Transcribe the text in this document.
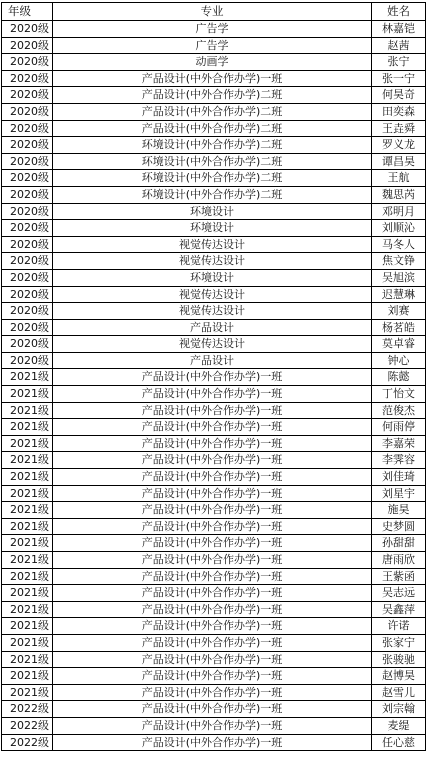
年级	专业	姓名
2020级	广告学	林嘉铠
2020级	广告学	赵茜
2020级	动画学	张宁
2020级	产品设计(中外合作办学)一班	张一宁
2020级	产品设计(中外合作办学)二班	何昊奇
2020级	产品设计(中外合作办学)二班	田奕森
2020级	产品设计(中外合作办学)二班	王垚舜
2020级	环境设计(中外合作办学)二班	罗义龙
2020级	环境设计(中外合作办学)二班	谭昌昊
2020级	环境设计(中外合作办学)二班	王航
2020级	环境设计(中外合作办学)二班	魏思芮
2020级	环境设计	邓明月
2020级	环境设计	刘顺沁
2020级	视觉传达设计	马冬人
2020级	视觉传达设计	焦文铮
2020级	环境设计	吴旭滨
2020级	视觉传达设计	迟慧琳
2020级	视觉传达设计	刘赛
2020级	产品设计	杨茗皓
2020级	视觉传达设计	莫卓睿
2020级	产品设计	钟心
2021级	产品设计(中外合作办学)一班	陈懿
2021级	产品设计(中外合作办学)一班	丁怡文
2021级	产品设计(中外合作办学)一班	范俊杰
2021级	产品设计(中外合作办学)一班	何雨停
2021级	产品设计(中外合作办学)一班	李嘉荣
2021级	产品设计(中外合作办学)一班	李霁容
2021级	产品设计(中外合作办学)一班	刘佳琦
2021级	产品设计(中外合作办学)一班	刘星宇
2021级	产品设计(中外合作办学)一班	施昊
2021级	产品设计(中外合作办学)一班	史梦圆
2021级	产品设计(中外合作办学)一班	孙甜甜
2021级	产品设计(中外合作办学)一班	唐雨欣
2021级	产品设计(中外合作办学)一班	王紫函
2021级	产品设计(中外合作办学)一班	吴志远
2021级	产品设计(中外合作办学)一班	吴鑫萍
2021级	产品设计(中外合作办学)一班	许诺
2021级	产品设计(中外合作办学)一班	张家宁
2021级	产品设计(中外合作办学)一班	张骏驰
2021级	产品设计(中外合作办学)一班	赵博昊
2021级	产品设计(中外合作办学)一班	赵雪儿
2022级	产品设计(中外合作办学)一班	刘宗翰
2022级	产品设计(中外合作办学)一班	麦缇
2022级	产品设计(中外合作办学)一班	任心慈
